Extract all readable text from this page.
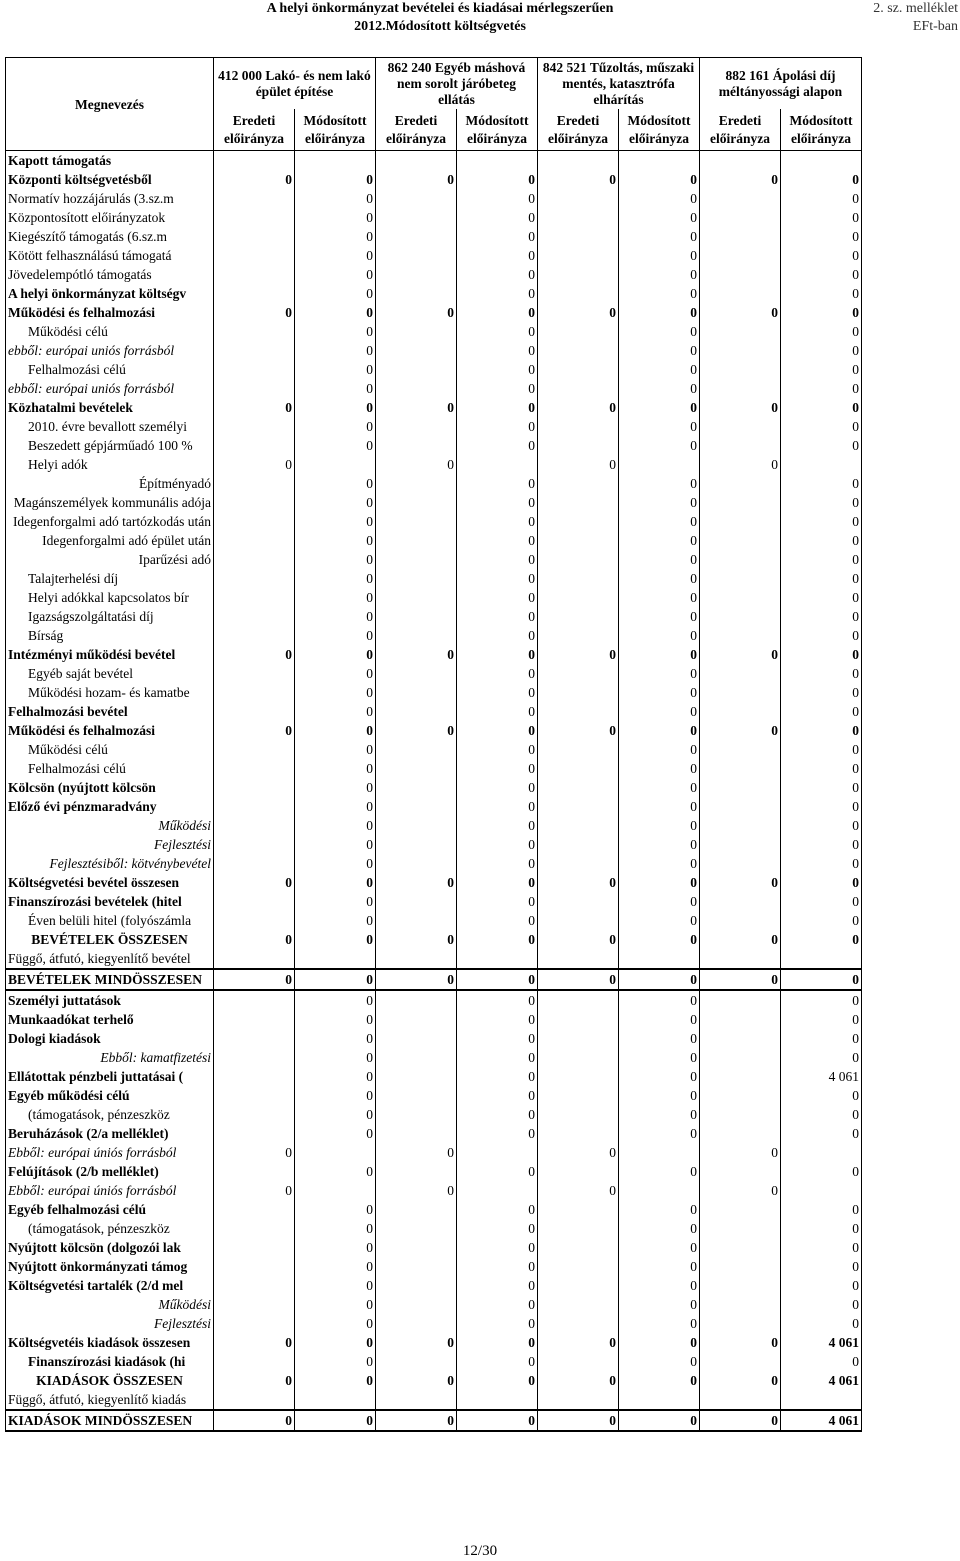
A helyi önkormányzat bevételei és kiadásai mérlegszerűen
2012.Módosított költségvetés
2. sz. melléklet
EFt-ban
Megnevezés	412 000 Lakó- és nem lakó épület építése		862 240 Egyéb máshová nem sorolt járóbeteg ellátás		842 521 Tűzoltás, műszaki mentés, katasztrófa elhárítás		882 161 Ápolási díj méltányossági alapon	
	Eredeti előirányza	Módosított előirányza	Eredeti előirányza	Módosított előirányza	Eredeti előirányza	Módosított előirányza	Eredeti előirányza	Módosított előirányza
Kapott támogatás								
Központi költségvetésből	0	0	0	0	0	0	0	0
Normatív hozzájárulás (3.sz.m		0		0		0		0
Központosított előirányzatok		0		0		0		0
Kiegészítő támogatás (6.sz.m		0		0		0		0
Kötött felhasználású támogatá		0		0		0		0
Jövedelempótló támogatás		0		0		0		0
A helyi önkormányzat költségv		0		0		0		0
Működési és felhalmozási	0	0	0	0	0	0	0	0
Működési célú		0		0		0		0
ebből: európai uniós forrásból		0		0		0		0
Felhalmozási célú		0		0		0		0
ebből: európai uniós forrásból		0		0		0		0
Közhatalmi bevételek	0	0	0	0	0	0	0	0
2010. évre bevallott személyi		0		0		0		0
Beszedett gépjárműadó 100 %		0		0		0		0
Helyi adók	0		0		0		0	
Építményadó		0		0		0		0
Magánszemélyek kommunális adója		0		0		0		0
Idegenforgalmi adó tartózkodás után		0		0		0		0
Idegenforgalmi adó épület után		0		0		0		0
Iparűzési adó		0		0		0		0
Talajterhelési díj		0		0		0		0
Helyi adókkal kapcsolatos bír		0		0		0		0
Igazságszolgáltatási díj		0		0		0		0
Bírság		0		0		0		0
Intézményi működési bevétel	0	0	0	0	0	0	0	0
Egyéb saját bevétel		0		0		0		0
Működési hozam- és kamatbe		0		0		0		0
Felhalmozási bevétel		0		0		0		0
Működési és felhalmozási	0	0	0	0	0	0	0	0
Működési célú		0		0		0		0
Felhalmozási célú		0		0		0		0
Kölcsön (nyújtott kölcsön		0		0		0		0
Előző évi pénzmaradvány		0		0		0		0
Működési		0		0		0		0
Fejlesztési		0		0		0		0
Fejlesztésiből: kötvénybevétel		0		0		0		0
Költségvetési bevétel összesen	0	0	0	0	0	0	0	0
Finanszírozási bevételek (hitel		0		0		0		0
Éven belüli hitel (folyószámla		0		0		0		0
BEVÉTELEK ÖSSZESEN	0	0	0	0	0	0	0	0
Függő, átfutó, kiegyenlítő bevétel								
BEVÉTELEK MINDÖSSZESEN	0	0	0	0	0	0	0	0
Személyi juttatások		0		0		0		0
Munkaadókat terhelő		0		0		0		0
Dologi kiadások		0		0		0		0
Ebből: kamatfizetési		0		0		0		0
Ellátottak pénzbeli juttatásai (		0		0		0		4 061
Egyéb működési célú		0		0		0		0
(támogatások, pénzeszköz		0		0		0		0
Beruházások (2/a melléklet)		0		0		0		0
Ebből: európai úniós forrásból	0		0		0		0	
Felújítások (2/b melléklet)		0		0		0		0
Ebből: európai úniós forrásból	0		0		0		0	
Egyéb felhalmozási célú		0		0		0		0
(támogatások, pénzeszköz		0		0		0		0
Nyújtott kölcsön (dolgozói lak		0		0		0		0
Nyújtott önkormányzati támog		0		0		0		0
Költségvetési tartalék (2/d mel		0		0		0		0
Működési		0		0		0		0
Fejlesztési		0		0		0		0
Költségvetéis kiadások összesen	0	0	0	0	0	0	0	4 061
Finanszírozási kiadások (hi		0		0		0		0
KIADÁSOK ÖSSZESEN	0	0	0	0	0	0	0	4 061
Függő, átfutó, kiegyenlítő kiadás								
KIADÁSOK MINDÖSSZESEN	0	0	0	0	0	0	0	4 061
12/30
